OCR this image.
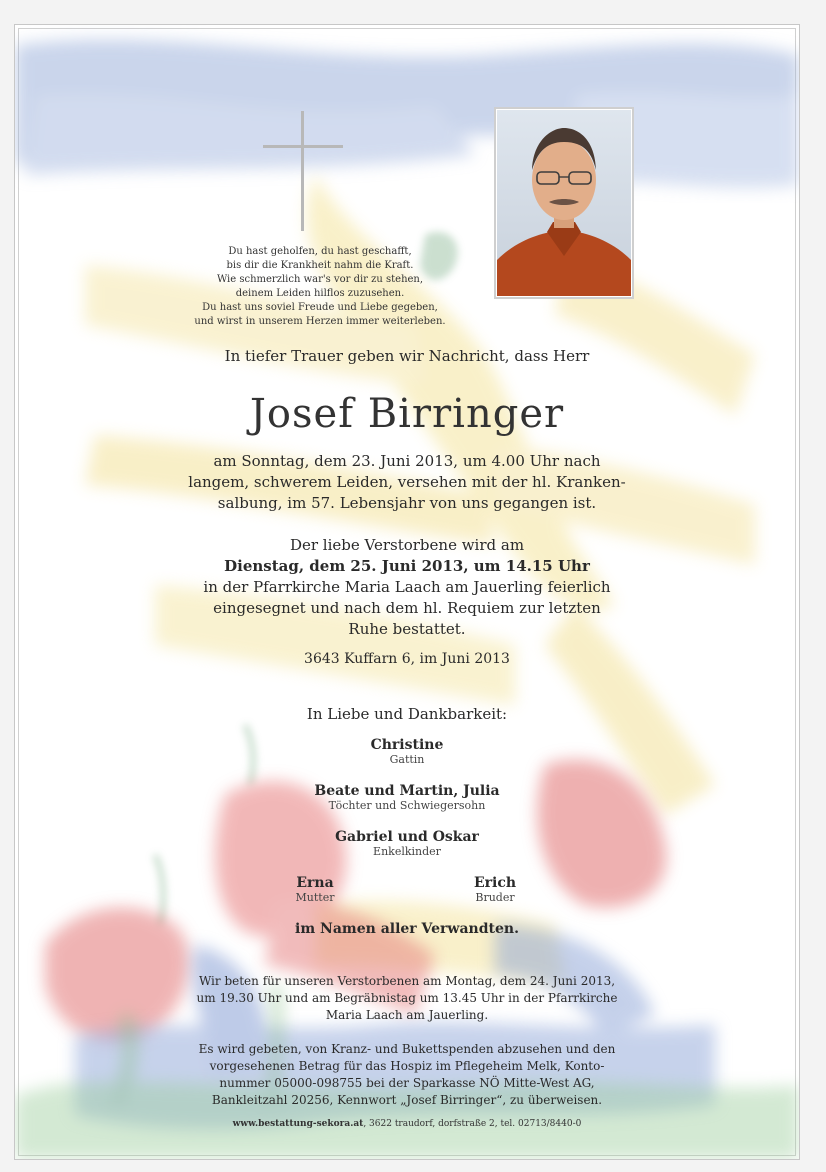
Du hast geholfen, du hast geschafft,
bis dir die Krankheit nahm die Kraft.
Wie schmerzlich war's vor dir zu stehen,
deinem Leiden hilflos zuzusehen.
Du hast uns soviel Freude und Liebe gegeben,
und wirst in unserem Herzen immer weiterleben.
In tiefer Trauer geben wir Nachricht, dass Herr
Josef Birringer
am Sonntag, dem 23. Juni 2013, um 4.00 Uhr nach
langem, schwerem Leiden, versehen mit der hl. Kranken-
salbung, im 57. Lebensjahr von uns gegangen ist.
Der liebe Verstorbene wird am
Dienstag, dem 25. Juni 2013, um 14.15 Uhr
in der Pfarrkirche Maria Laach am Jauerling feierlich
eingesegnet und nach dem hl. Requiem zur letzten
Ruhe bestattet.
3643 Kuffarn 6, im Juni 2013
In Liebe und Dankbarkeit:
Christine
Gattin
Beate und Martin, Julia
Töchter und Schwiegersohn
Gabriel und Oskar
Enkelkinder
Erna
Mutter
Erich
Bruder
im Namen aller Verwandten.
Wir beten für unseren Verstorbenen am Montag, dem 24. Juni 2013,
um 19.30 Uhr und am Begräbnistag um 13.45 Uhr in der Pfarrkirche
Maria Laach am Jauerling.
Es wird gebeten, von Kranz- und Bukettspenden abzusehen und den
vorgesehenen Betrag für das Hospiz im Pflegeheim Melk, Konto-
nummer 05000-098755 bei der Sparkasse NÖ Mitte-West AG,
Bankleitzahl 20256, Kennwort „Josef Birringer“, zu überweisen.
www.bestattung-sekora.at, 3622 traudorf, dorfstraße 2, tel. 02713/8440-0
